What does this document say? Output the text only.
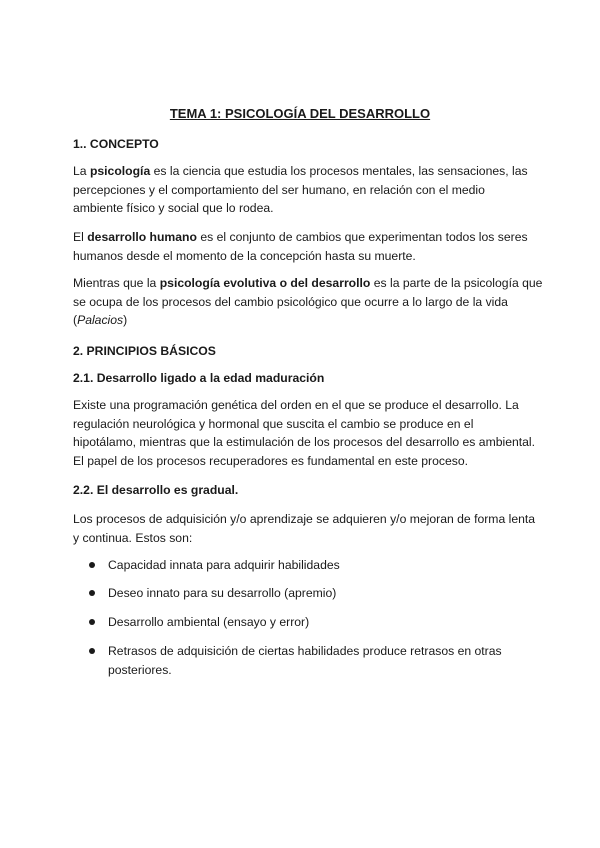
TEMA 1: PSICOLOGÍA DEL DESARROLLO
1.. CONCEPTO
La psicología es la ciencia que estudia los procesos mentales, las sensaciones, las
percepciones y el comportamiento del ser humano, en relación con el medio
ambiente físico y social que lo rodea.
El desarrollo humano es el conjunto de cambios que experimentan todos los seres
humanos desde el momento de la concepción hasta su muerte.
Mientras que la psicología evolutiva o del desarrollo es la parte de la psicología que
se ocupa de los procesos del cambio psicológico que ocurre a lo largo de la vida
(Palacios)
2. PRINCIPIOS BÁSICOS
2.1. Desarrollo ligado a la edad maduración
Existe una programación genética del orden en el que se produce el desarrollo. La
regulación neurológica y hormonal que suscita el cambio se produce en el
hipotálamo, mientras que la estimulación de los procesos del desarrollo es ambiental.
El papel de los procesos recuperadores es fundamental en este proceso.
2.2. El desarrollo es gradual.
Los procesos de adquisición y/o aprendizaje se adquieren y/o mejoran de forma lenta
y continua. Estos son:
Capacidad innata para adquirir habilidades
Deseo innato para su desarrollo (apremio)
Desarrollo ambiental (ensayo y error)
Retrasos de adquisición de ciertas habilidades produce retrasos en otras
posteriores.
